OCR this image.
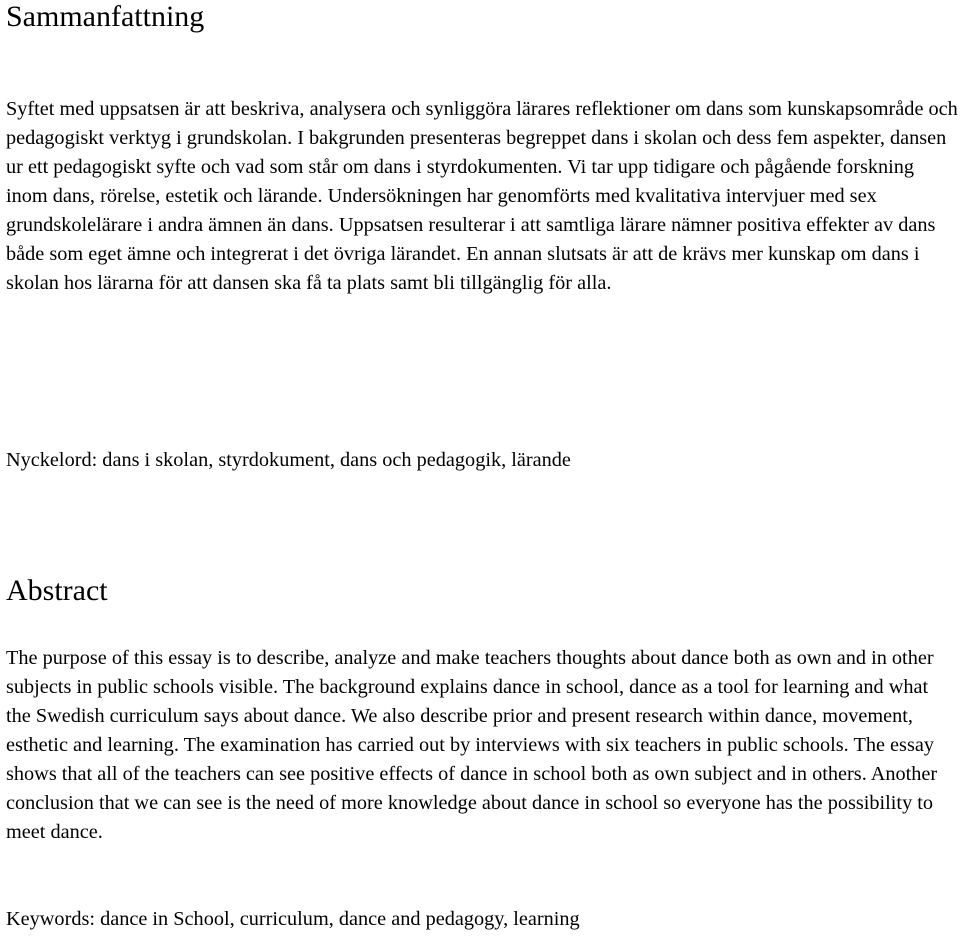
Sammanfattning

Syftet med uppsatsen är att beskriva, analysera och synliggöra lärares reflektioner om dans som kunskapsområde och pedagogiskt verktyg i grundskolan. I bakgrunden presenteras begreppet dans i skolan och dess fem aspekter, dansen ur ett pedagogiskt syfte och vad som står om dans i styrdokumenten. Vi tar upp tidigare och pågående forskning inom dans, rörelse, estetik och lärande. Undersökningen har genomförts med kvalitativa intervjuer med sex grundskolelärare i andra ämnen än dans. Uppsatsen resulterar i att samtliga lärare nämner positiva effekter av dans både som eget ämne och integrerat i det övriga lärandet. En annan slutsats är att de krävs mer kunskap om dans i skolan hos lärarna för att dansen ska få ta plats samt bli tillgänglig för alla.

Nyckelord: dans i skolan, styrdokument, dans och pedagogik, lärande

Abstract

The purpose of this essay is to describe, analyze and make teachers thoughts about dance both as own and in other subjects in public schools visible. The background explains dance in school, dance as a tool for learning and what the Swedish curriculum says about dance. We also describe prior and present research within dance, movement, esthetic and learning. The examination has carried out by interviews with six teachers in public schools. The essay shows that all of the teachers can see positive effects of dance in school both as own subject and in others. Another conclusion that we can see is the need of more knowledge about dance in school so everyone has the possibility to meet dance.

Keywords: dance in School, curriculum, dance and pedagogy, learning
